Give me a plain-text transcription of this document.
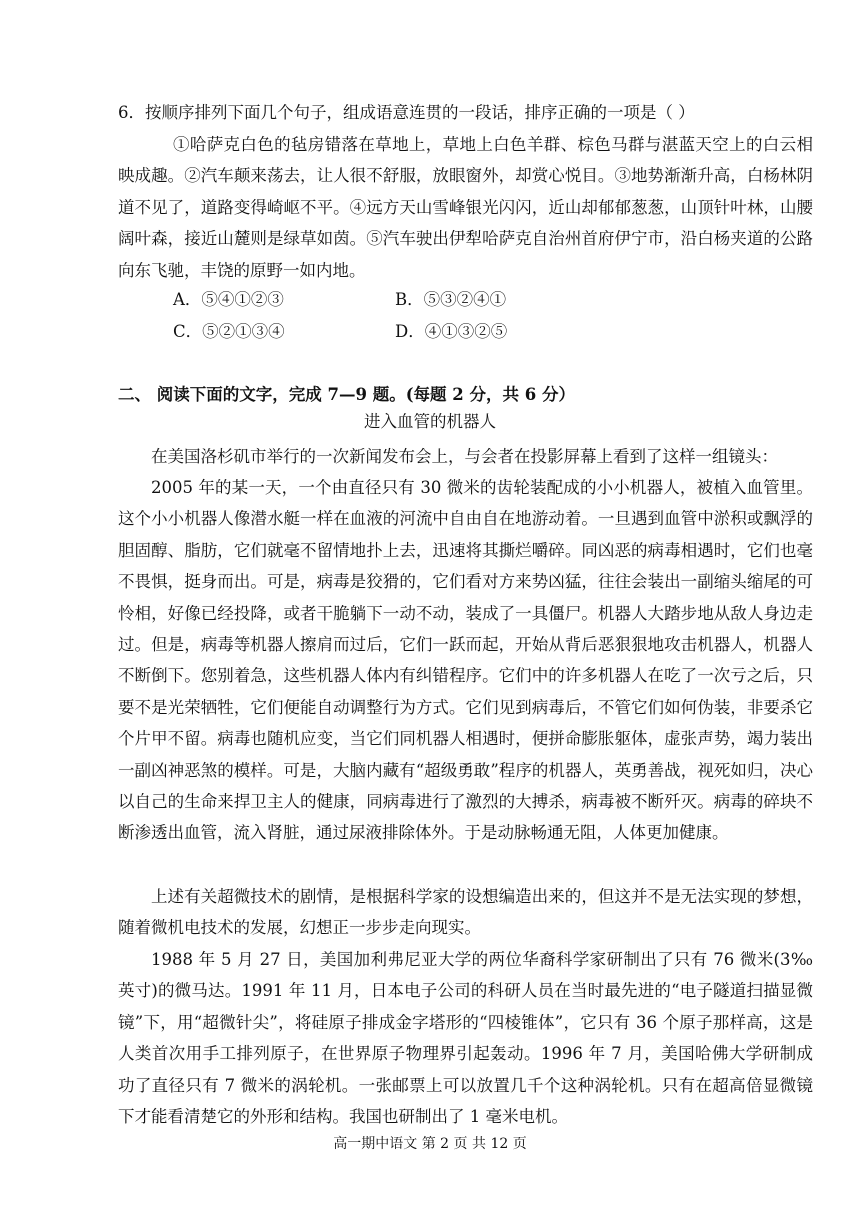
6．按顺序排列下面几个句子，组成语意连贯的一段话，排序正确的一项是（ ）
①哈萨克白色的毡房错落在草地上，草地上白色羊群、棕色马群与湛蓝天空上的白云相映成趣。②汽车颠来荡去，让人很不舒服，放眼窗外，却赏心悦目。③地势渐渐升高，白杨林阴道不见了，道路变得崎岖不平。④远方天山雪峰银光闪闪，近山却郁郁葱葱，山顶针叶林，山腰阔叶森，接近山麓则是绿草如茵。⑤汽车驶出伊犁哈萨克自治州首府伊宁市，沿白杨夹道的公路向东飞驰，丰饶的原野一如内地。
A．⑤④①②③	B．⑤③②④①
C．⑤②①③④	D．④①③②⑤
二、 阅读下面的文字，完成 7—9 题。(每题 2 分，共 6 分）
进入血管的机器人
在美国洛杉矶市举行的一次新闻发布会上，与会者在投影屏幕上看到了这样一组镜头：
2005 年的某一天，一个由直径只有 30 微米的齿轮装配成的小小机器人，被植入血管里。这个小小机器人像潜水艇一样在血液的河流中自由自在地游动着。一旦遇到血管中淤积或飘浮的胆固醇、脂肪，它们就毫不留情地扑上去，迅速将其撕烂嚼碎。同凶恶的病毒相遇时，它们也毫不畏惧，挺身而出。可是，病毒是狡猾的，它们看对方来势凶猛，往往会装出一副缩头缩尾的可怜相，好像已经投降，或者干脆躺下一动不动，装成了一具僵尸。机器人大踏步地从敌人身边走过。但是，病毒等机器人擦肩而过后，它们一跃而起，开始从背后恶狠狠地攻击机器人，机器人不断倒下。您别着急，这些机器人体内有纠错程序。它们中的许多机器人在吃了一次亏之后，只要不是光荣牺牲，它们便能自动调整行为方式。它们见到病毒后，不管它们如何伪装，非要杀它个片甲不留。病毒也随机应变，当它们同机器人相遇时，便拼命膨胀躯体，虚张声势，竭力装出一副凶神恶煞的模样。可是，大脑内藏有“超级勇敢”程序的机器人，英勇善战，视死如归，决心以自己的生命来捍卫主人的健康，同病毒进行了激烈的大搏杀，病毒被不断歼灭。病毒的碎块不断渗透出血管，流入肾脏，通过尿液排除体外。于是动脉畅通无阻，人体更加健康。
上述有关超微技术的剧情，是根据科学家的设想编造出来的，但这并不是无法实现的梦想，随着微机电技术的发展，幻想正一步步走向现实。
1988 年 5 月 27 日，美国加利弗尼亚大学的两位华裔科学家研制出了只有 76 微米(3‰英寸)的微马达。1991 年 11 月，日本电子公司的科研人员在当时最先进的“电子隧道扫描显微镜”下，用“超微针尖”，将硅原子排成金字塔形的“四棱锥体”，它只有 36 个原子那样高，这是人类首次用手工排列原子，在世界原子物理界引起轰动。1996 年 7 月，美国哈佛大学研制成功了直径只有 7 微米的涡轮机。一张邮票上可以放置几千个这种涡轮机。只有在超高倍显微镜下才能看清楚它的外形和结构。我国也研制出了 1 毫米电机。
高一期中语文 第 2 页 共 12 页
